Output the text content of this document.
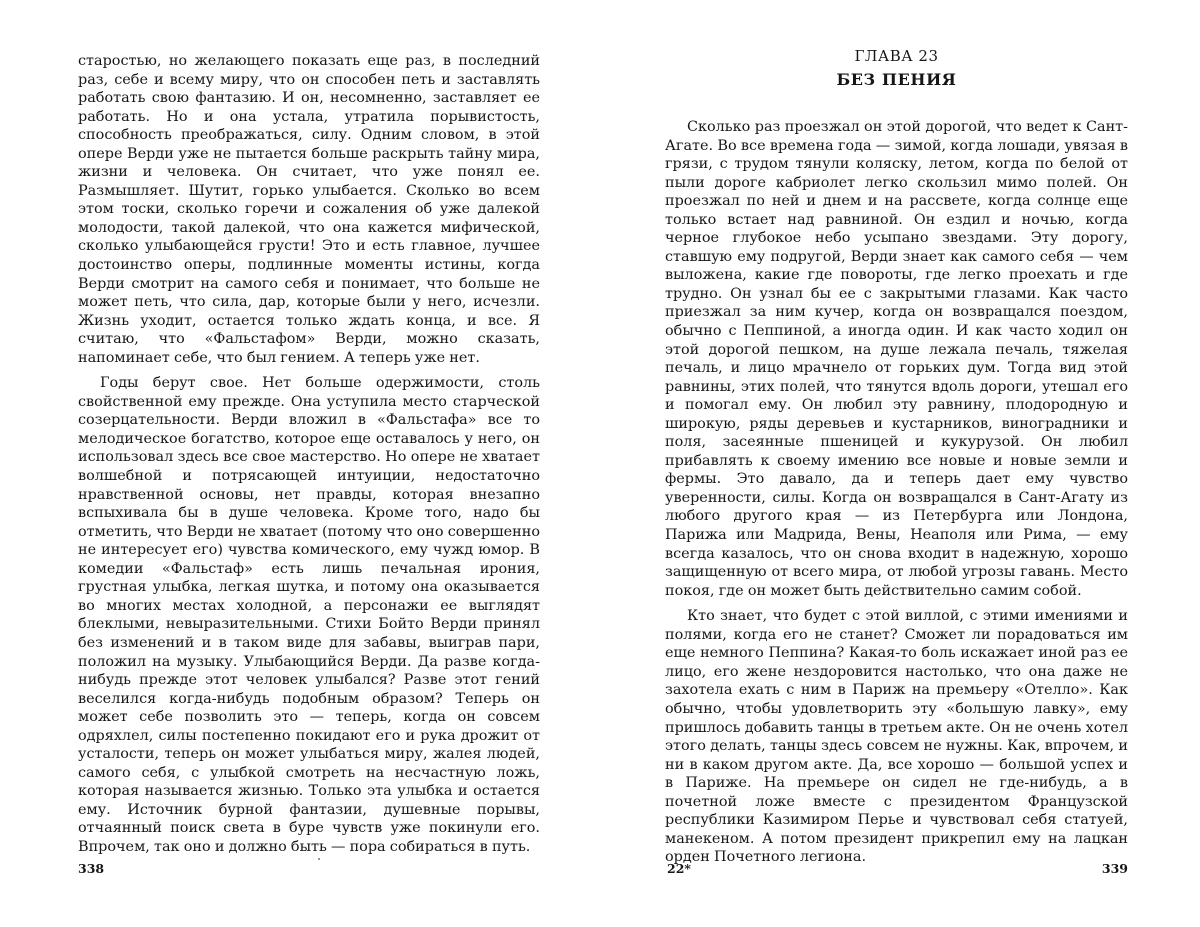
старостью, но желающего показать еще раз, в последний раз, себе и всему миру, что он способен петь и заставлять работать свою фантазию. И он, несомненно, заставляет ее работать. Но и она устала, утратила порывистость, способность преображаться, силу. Одним словом, в этой опере Верди уже не пытается больше раскрыть тайну мира, жизни и человека. Он считает, что уже понял ее. Размышляет. Шутит, горько улыбается. Сколько во всем этом тоски, сколько горечи и сожаления об уже далекой молодости, такой далекой, что она кажется мифической, сколько улыбающейся грусти! Это и есть главное, лучшее достоинство оперы, подлинные моменты истины, когда Верди смотрит на самого себя и понимает, что больше не может петь, что сила, дар, которые были у него, исчезли. Жизнь уходит, остается только ждать конца, и все. Я считаю, что «Фальстафом» Верди, можно сказать, напоминает себе, что был гением. А теперь уже нет.

Годы берут свое. Нет больше одержимости, столь свойственной ему прежде. Она уступила место старческой созерцательности. Верди вложил в «Фальстафа» все то мелодическое богатство, которое еще оставалось у него, он использовал здесь все свое мастерство. Но опере не хватает волшебной и потрясающей интуиции, недостаточно нравственной основы, нет правды, которая внезапно вспыхивала бы в душе человека. Кроме того, надо бы отметить, что Верди не хватает (потому что оно совершенно не интересует его) чувства комического, ему чужд юмор. В комедии «Фальстаф» есть лишь печальная ирония, грустная улыбка, легкая шутка, и потому она оказывается во многих местах холодной, а персонажи ее выглядят блеклыми, невыразительными. Стихи Бойто Верди принял без изменений и в таком виде для забавы, выиграв пари, положил на музыку. Улыбающийся Верди. Да разве когда-нибудь прежде этот человек улыбался? Разве этот гений веселился когда-нибудь подобным образом? Теперь он может себе позволить это — теперь, когда он совсем одряхлел, силы постепенно покидают его и рука дрожит от усталости, теперь он может улыбаться миру, жалея людей, самого себя, с улыбкой смотреть на несчастную ложь, которая называется жизнью. Только эта улыбка и остается ему. Источник бурной фантазии, душевные порывы, отчаянный поиск света в буре чувств уже покинули его. Впрочем, так оно и должно быть — пора собираться в путь.

338
ГЛАВА 23
БЕЗ ПЕНИЯ

Сколько раз проезжал он этой дорогой, что ведет к Сант-Агате. Во все времена года — зимой, когда лошади, увязая в грязи, с трудом тянули коляску, летом, когда по белой от пыли дороге кабриолет легко скользил мимо полей. Он проезжал по ней и днем и на рассвете, когда солнце еще только встает над равниной. Он ездил и ночью, когда черное глубокое небо усыпано звездами. Эту дорогу, ставшую ему подругой, Верди знает как самого себя — чем выложена, какие где повороты, где легко проехать и где трудно. Он узнал бы ее с закрытыми глазами. Как часто приезжал за ним кучер, когда он возвращался поездом, обычно с Пеппиной, а иногда один. И как часто ходил он этой дорогой пешком, на душе лежала печаль, тяжелая печаль, и лицо мрачнело от горьких дум. Тогда вид этой равнины, этих полей, что тянутся вдоль дороги, утешал его и помогал ему. Он любил эту равнину, плодородную и широкую, ряды деревьев и кустарников, виноградники и поля, засеянные пшеницей и кукурузой. Он любил прибавлять к своему имению все новые и новые земли и фермы. Это давало, да и теперь дает ему чувство уверенности, силы. Когда он возвращался в Сант-Агату из любого другого края — из Петербурга или Лондона, Парижа или Мадрида, Вены, Неаполя или Рима, — ему всегда казалось, что он снова входит в надежную, хорошо защищенную от всего мира, от любой угрозы гавань. Место покоя, где он может быть действительно самим собой.

Кто знает, что будет с этой виллой, с этими имениями и полями, когда его не станет? Сможет ли порадоваться им еще немного Пеппина? Какая-то боль искажает иной раз ее лицо, его жене нездоровится настолько, что она даже не захотела ехать с ним в Париж на премьеру «Отелло». Как обычно, чтобы удовлетворить эту «большую лавку», ему пришлось добавить танцы в третьем акте. Он не очень хотел этого делать, танцы здесь совсем не нужны. Как, впрочем, и ни в каком другом акте. Да, все хорошо — большой успех и в Париже. На премьере он сидел не где-нибудь, а в почетной ложе вместе с президентом Французской республики Казимиром Перье и чувствовал себя статуей, манекеном. А потом президент прикрепил ему на лацкан орден Почетного легиона.

22*	339
